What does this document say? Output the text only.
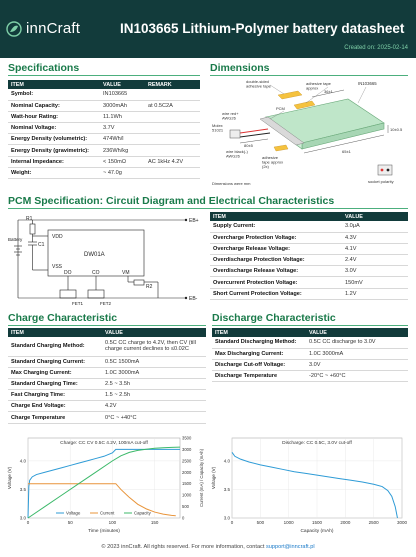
innCraft	IN103665 Lithium-Polymer battery datasheet
Created on: 2025-02-14
Specifications
ITEM	VALUE	REMARK
Symbol:	IN103665	
Nominal Capacity:	3000mAh	at 0.5C2A
Watt-hour Rating:	11.1Wh	
Nominal Voltage:	3.7V	
Energy Density (volumetric):	474Wh/l	
Energy Density (gravimetric):	236Wh/kg	
Internal Impedance:	< 150mΩ	AC 1kHz 4.2V
Weight:	~ 47.0g	
Dimensions
double-sided adhesive tape
adhesive tape approx
IN103665
PCM
wire red+ AWG26
Molex 51021
wire black(-) AWG26	adhesive tape approx (2x)
36±1
10±0.5
65±1
80±5
Dimensions were mm	socket polarity
PCM Specification: Circuit Diagram and Electrical Characteristics
R1
Battery
C1
VDD
VSS
DW01A
DO	CO	VM
R2
FET1	FET2
EB+
EB-
ITEM	VALUE
Supply Current:	3.0μA
Overcharge Protection Voltage:	4.3V
Overcharge Release Voltage:	4.1V
Overdischarge Protection Voltage:	2.4V
Overdischarge Release Voltage:	3.0V
Overcurrent Protection Voltage:	150mV
Short Current Protection Voltage:	1.2V
Charge Characteristic
ITEM	VALUE
Standard Charging Method:	0.5C CC charge to 4.2V, then CV (till charge current declines to ≤0.02C
Standard Charging Current:	0.5C 1500mA
Max Charging Current:	1.0C 3000mA
Standard Charging Time:	2.5 ~ 3.5h
Fast Charging Time:	1.5 ~ 2.5h
Charge End Voltage:	4.2V
Charge Temperature	0°C ~ +40°C
Discharge Characteristic
ITEM	VALUE
Standard Discharging Method:	0.5C CC discharge to 3.0V
Max Discharging Current:	1.0C 3000mA
Discharge Cut-off Voltage:	3.0V
Discharge Temperature	-20°C ~ +60°C
0	50	100	150
3.0
3.5
4.0
0
500
1000
1500
2000
2500
3000
3500
Current (mA) / Capacity (mAh)
Voltage (V)
Time (minutes)
Charge: CC CV 0.5C 4.2V, 100mA cut-off
Voltage	Current	Capacity
0	500	1000	1500	2000	2500	3000
3.0
3.5
4.0
Voltage (V)
Capacity (mAh)
Discharge: CC 0.5C, 3.0V cut-off
© 2023 innCraft. All rights reserved. For more information, contact support@inncraft.pl
